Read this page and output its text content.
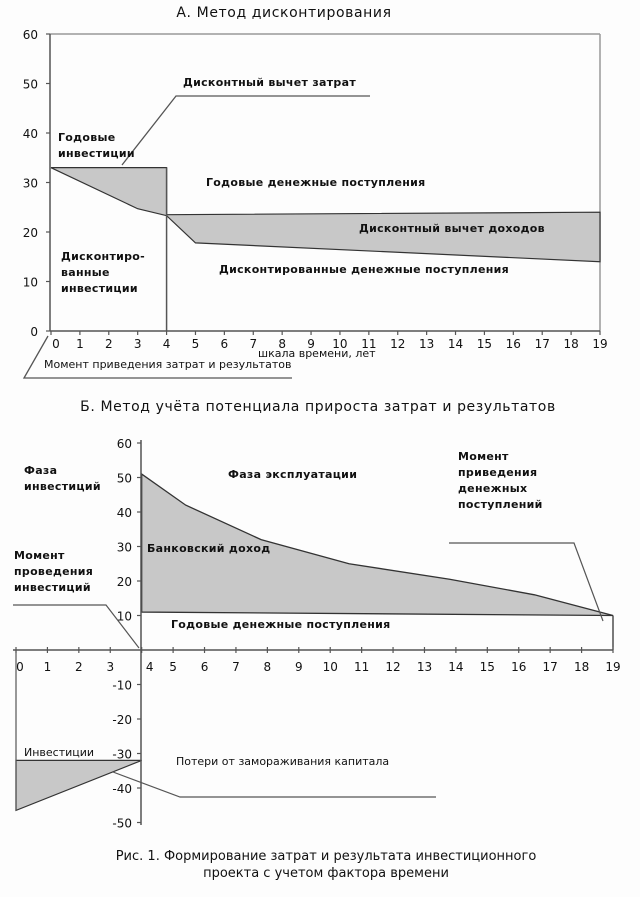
А. Метод дисконтирования
0
10
20
30
40
50
60
0 1 2 3 4 5 6 7 8 9 10 11 12 13 14 15 16 17 18 19
Дисконтный вычет затрат
Годовые
инвестиции
Годовые денежные поступления
Дисконтный вычет доходов
Дисконтиро-
ванные
инвестиции
Дисконтированные денежные поступления
шкала времени, лет
Момент приведения затрат и результатов
Б. Метод учёта потенциала прироста затрат и результатов
-50
-40
-30
-20
-10
10
20
30
40
50
60
0 1 2 3	4 5 6 7 8 9 10 11 12 13 14 15 16 17 18 19
Фаза
инвестиций
Фаза эксплуатации
Момент
приведения
денежных
поступлений
Банковский доход
Момент
проведения
инвестиций
Годовые денежные поступления
Инвестиции
Потери от замораживания капитала
Рис. 1. Формирование затрат и результата инвестиционного
проекта с учетом фактора времени
